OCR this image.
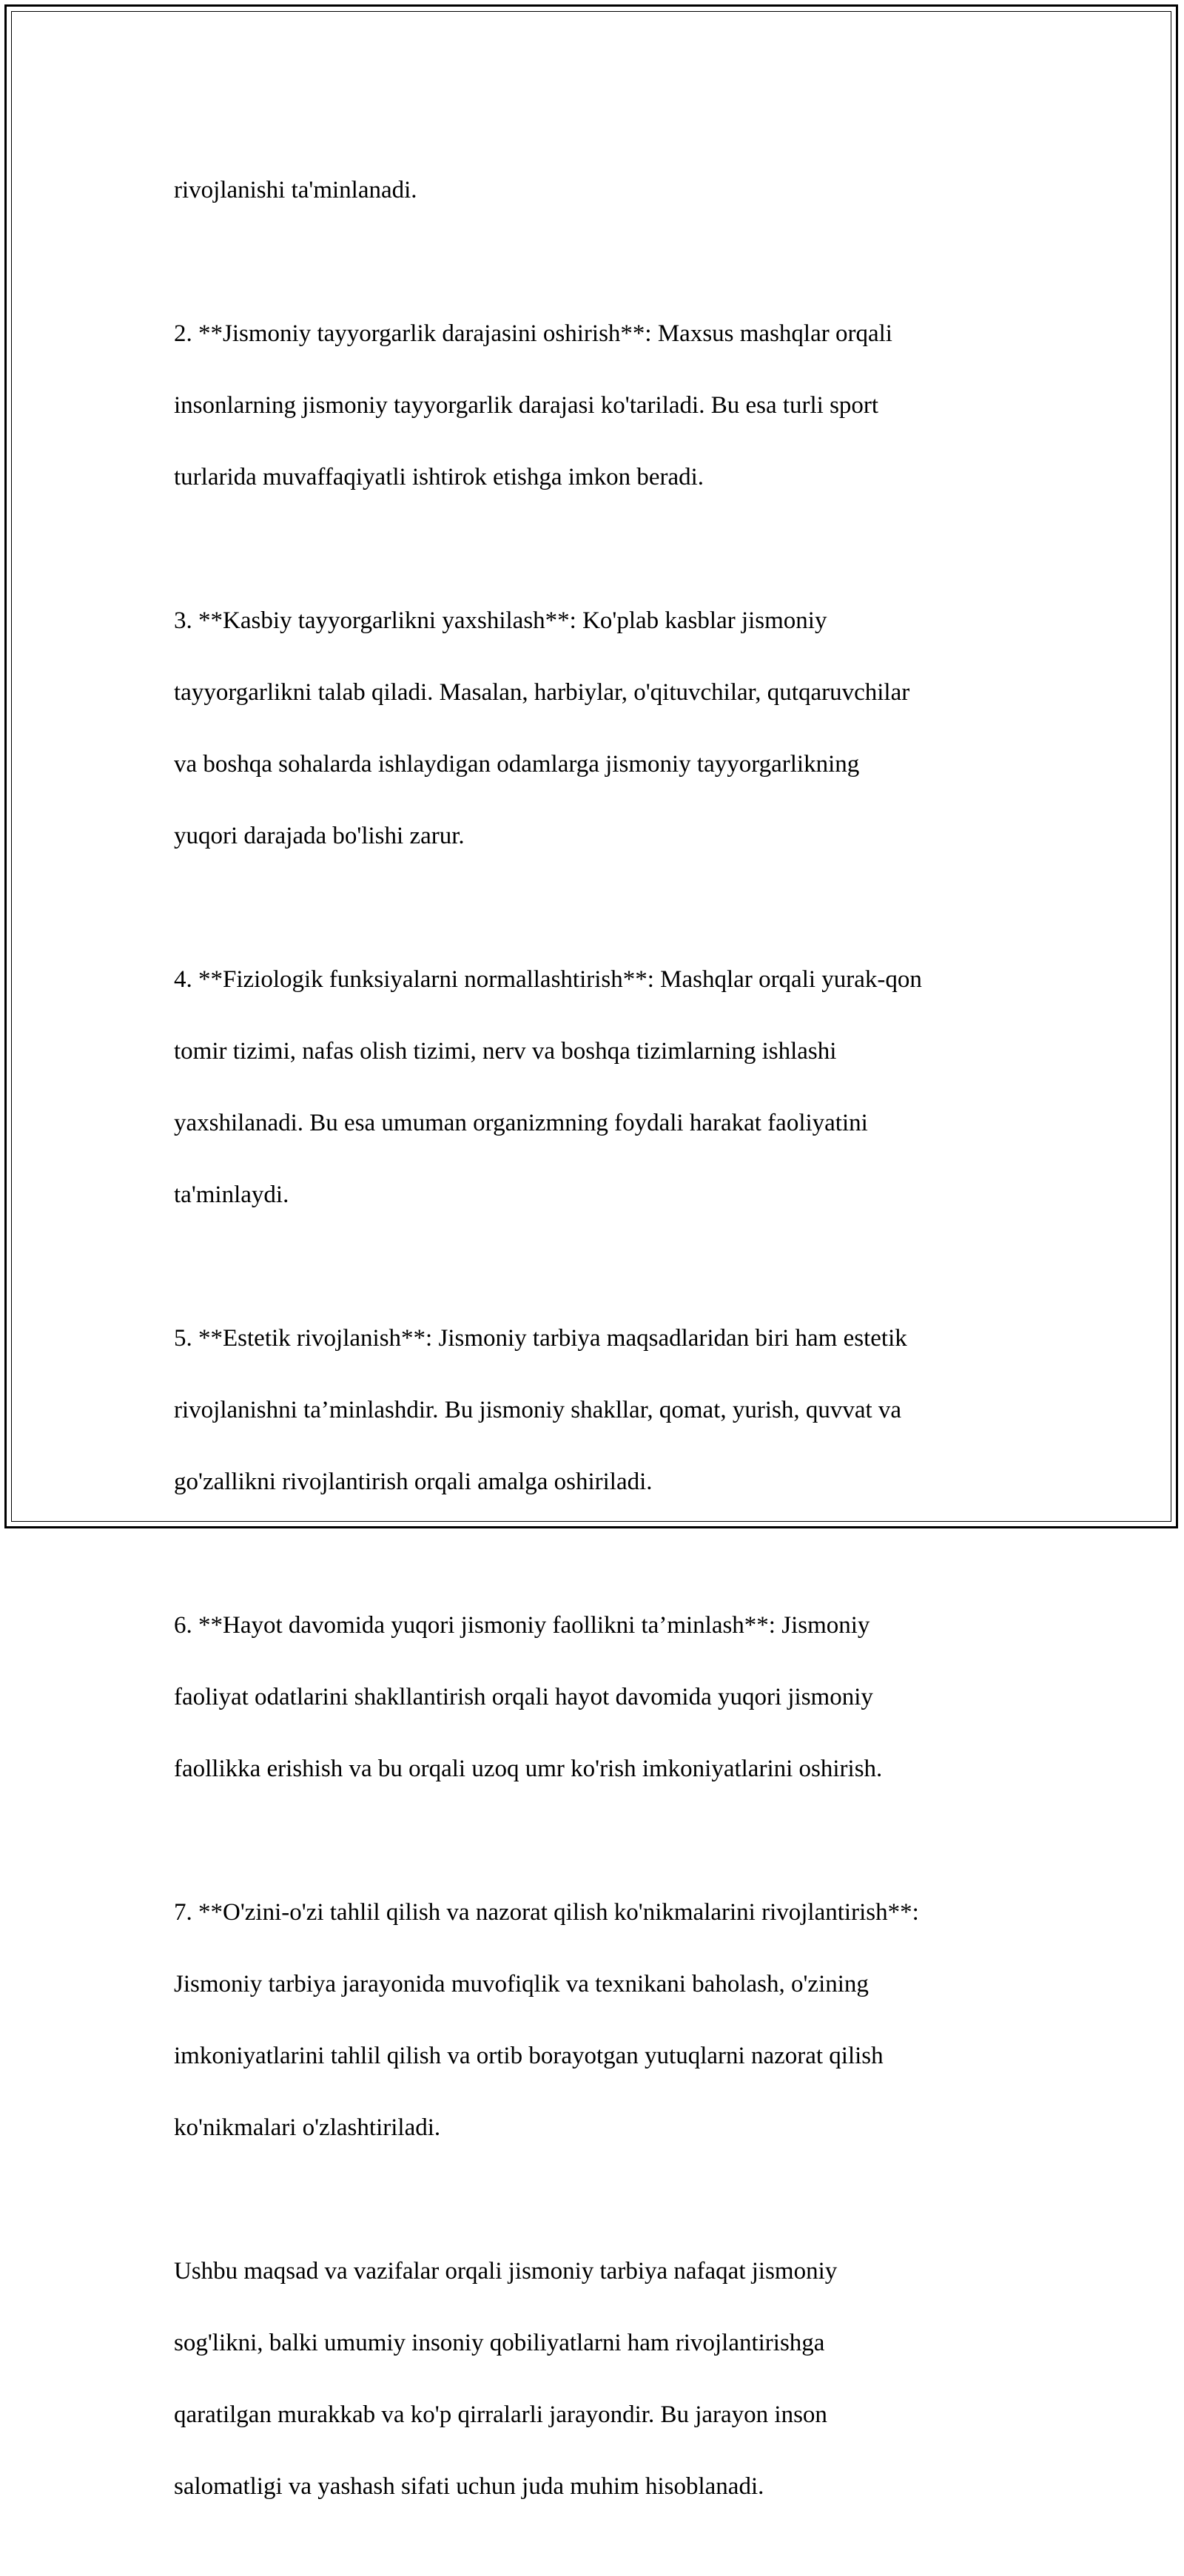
rivojlanishi ta'minlanadi.

2. **Jismoniy tayyorgarlik darajasini oshirish**: Maxsus mashqlar orqali

insonlarning jismoniy tayyorgarlik darajasi ko'tariladi. Bu esa turli sport

turlarida muvaffaqiyatli ishtirok etishga imkon beradi.

3. **Kasbiy tayyorgarlikni yaxshilash**: Ko'plab kasblar jismoniy

tayyorgarlikni talab qiladi. Masalan, harbiylar, o'qituvchilar, qutqaruvchilar

va boshqa sohalarda ishlaydigan odamlarga jismoniy tayyorgarlikning

yuqori darajada bo'lishi zarur.

4. **Fiziologik funksiyalarni normallashtirish**: Mashqlar orqali yurak-qon

tomir tizimi, nafas olish tizimi, nerv va boshqa tizimlarning ishlashi

yaxshilanadi. Bu esa umuman organizmning foydali harakat faoliyatini

ta'minlaydi.

5. **Estetik rivojlanish**: Jismoniy tarbiya maqsadlaridan biri ham estetik

rivojlanishni ta’minlashdir. Bu jismoniy shakllar, qomat, yurish, quvvat va

go'zallikni rivojlantirish orqali amalga oshiriladi.

6. **Hayot davomida yuqori jismoniy faollikni ta’minlash**: Jismoniy

faoliyat odatlarini shakllantirish orqali hayot davomida yuqori jismoniy

faollikka erishish va bu orqali uzoq umr ko'rish imkoniyatlarini oshirish.

7. **O'zini-o'zi tahlil qilish va nazorat qilish ko'nikmalarini rivojlantirish**:

Jismoniy tarbiya jarayonida muvofiqlik va texnikani baholash, o'zining

imkoniyatlarini tahlil qilish va ortib borayotgan yutuqlarni nazorat qilish

ko'nikmalari o'zlashtiriladi.

Ushbu maqsad va vazifalar orqali jismoniy tarbiya nafaqat jismoniy

sog'likni, balki umumiy insoniy qobiliyatlarni ham rivojlantirishga

qaratilgan murakkab va ko'p qirralarli jarayondir. Bu jarayon inson

salomatligi va yashash sifati uchun juda muhim hisoblanadi.
